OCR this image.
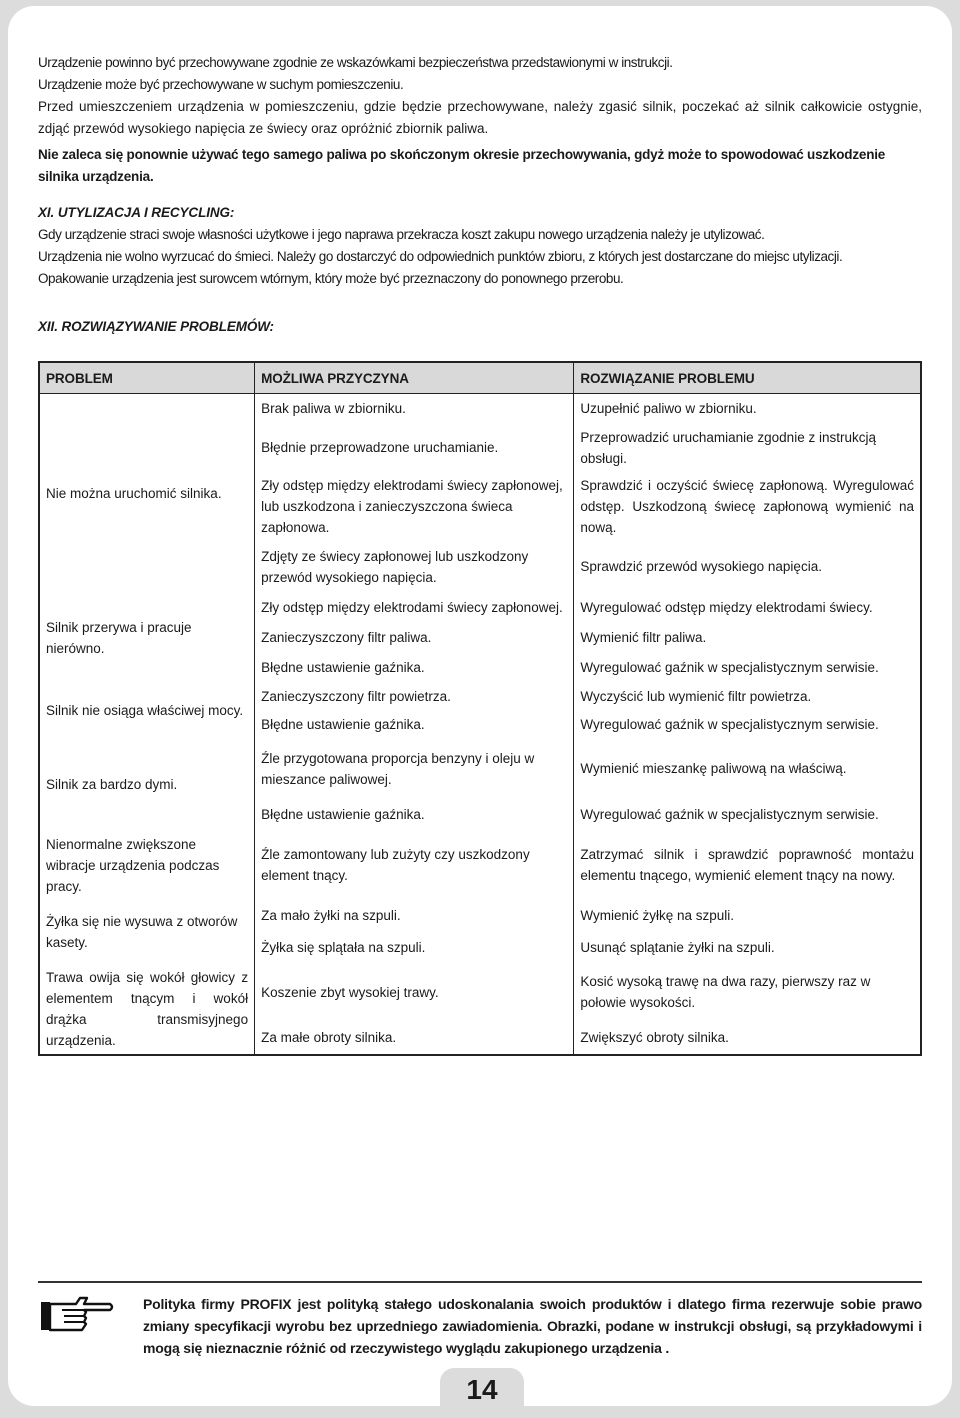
Urządzenie powinno być przechowywane zgodnie ze wskazówkami bezpieczeństwa przedstawionymi w instrukcji.

Urządzenie może być przechowywane w suchym pomieszczeniu.

Przed umieszczeniem urządzenia w pomieszczeniu, gdzie będzie przechowywane, należy zgasić silnik, poczekać aż silnik całkowicie ostygnie, zdjąć przewód wysokiego napięcia ze świecy oraz opróżnić zbiornik paliwa.

Nie zaleca się ponownie używać tego samego paliwa po skończonym okresie przechowywania, gdyż może to spowodować uszkodzenie silnika urządzenia.

XI. UTYLIZACJA I RECYCLING:

Gdy urządzenie straci swoje własności użytkowe i jego naprawa przekracza koszt zakupu nowego urządzenia należy je utylizować.

Urządzenia nie wolno wyrzucać do śmieci. Należy go dostarczyć do odpowiednich punktów zbioru, z których jest dostarczane do miejsc utylizacji.

Opakowanie urządzenia jest surowcem wtórnym, który może być przeznaczony do ponownego przerobu.

XII. ROZWIĄZYWANIE PROBLEMÓW:

PROBLEM	MOŻLIWA PRZYCZYNA	ROZWIĄZANIE PROBLEMU
Nie można uruchomić silnika.	Brak paliwa w zbiorniku.	Uzupełnić paliwo w zbiorniku.
	Błędnie przeprowadzone uruchamianie.	Przeprowadzić uruchamianie zgodnie z instrukcją obsługi.
	Zły odstęp między elektrodami świecy zapłonowej, lub uszkodzona i zanieczyszczona świeca zapłonowa.	Sprawdzić i oczyścić świecę zapłonową. Wyregulować odstęp. Uszkodzoną świecę zapłonową wymienić na nową.
	Zdjęty ze świecy zapłonowej lub uszkodzony przewód wysokiego napięcia.	Sprawdzić przewód wysokiego napięcia.
Silnik przerywa i pracuje nierówno.	Zły odstęp między elektrodami świecy zapłonowej.	Wyregulować odstęp między elektrodami świecy.
	Zanieczyszczony filtr paliwa.	Wymienić filtr paliwa.
	Błędne ustawienie gaźnika.	Wyregulować gaźnik w specjalistycznym serwisie.
Silnik nie osiąga właściwej mocy.	Zanieczyszczony filtr powietrza.	Wyczyścić lub wymienić filtr powietrza.
	Błędne ustawienie gaźnika.	Wyregulować gaźnik w specjalistycznym serwisie.
Silnik za bardzo dymi.	Źle przygotowana proporcja benzyny i oleju w mieszance paliwowej.	Wymienić mieszankę paliwową na właściwą.
	Błędne ustawienie gaźnika.	Wyregulować gaźnik w specjalistycznym serwisie.
Nienormalne zwiększone wibracje urządzenia podczas pracy.	Źle zamontowany lub zużyty czy uszkodzony element tnący.	Zatrzymać silnik i sprawdzić poprawność montażu elementu tnącego, wymienić element tnący na nowy.
Żyłka się nie wysuwa z otworów kasety.	Za mało żyłki na szpuli.	Wymienić żyłkę na szpuli.
	Żyłka się splątała na szpuli.	Usunąć splątanie żyłki na szpuli.
Trawa owija się wokół głowicy z elementem tnącym i wokół drążka transmisyjnego urządzenia.	Koszenie zbyt wysokiej trawy.	Kosić wysoką trawę na dwa razy, pierwszy raz w połowie wysokości.
	Za małe obroty silnika.	Zwiększyć obroty silnika.
Polityka firmy PROFIX jest polityką stałego udoskonalania swoich produktów i dlatego firma rezerwuje sobie prawo zmiany specyfikacji wyrobu bez uprzedniego zawiadomienia. Obrazki, podane w instrukcji obsługi, są przykładowymi i mogą się nieznacznie różnić od rzeczywistego wyglądu zakupionego urządzenia .
14
